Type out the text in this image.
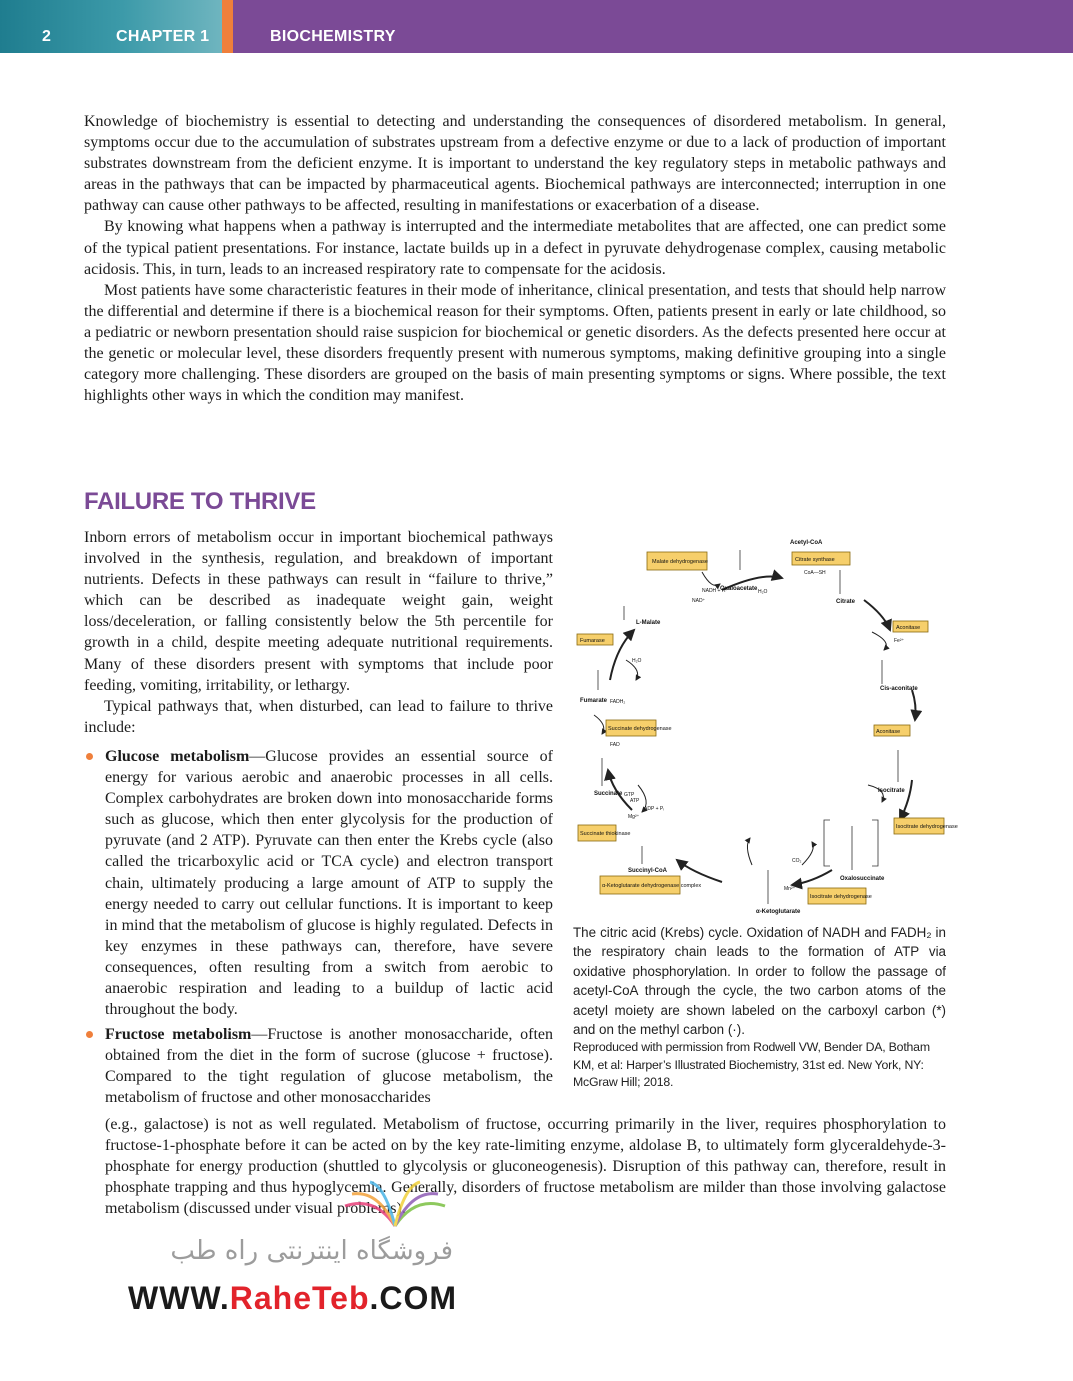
2	CHAPTER 1	BIOCHEMISTRY

Knowledge of biochemistry is essential to detecting and understanding the consequences of disordered metabolism. In general, symptoms occur due to the accumulation of substrates upstream from a defective enzyme or due to a lack of production of important substrates downstream from the deficient enzyme. It is important to understand the key regulatory steps in metabolic pathways and areas in the pathways that can be impacted by pharmaceutical agents. Biochemical pathways are interconnected; interruption in one pathway can cause other pathways to be affected, resulting in manifestations or exacerbation of a disease.

By knowing what happens when a pathway is interrupted and the intermediate metabolites that are affected, one can predict some of the typical patient presentations. For instance, lactate builds up in a defect in pyruvate dehydrogenase complex, causing metabolic acidosis. This, in turn, leads to an increased respiratory rate to compensate for the acidosis.

Most patients have some characteristic features in their mode of inheritance, clinical presentation, and tests that should help narrow the differential and determine if there is a biochemical reason for their symptoms. Often, patients present in early or late childhood, so a pediatric or newborn presentation should raise suspicion for biochemical or genetic disorders. As the defects presented here occur at the genetic or molecular level, these disorders frequently present with numerous symptoms, making definitive grouping into a single category more challenging. These disorders are grouped on the basis of main presenting symptoms or signs. Where possible, the text highlights other ways in which the condition may manifest.

FAILURE TO THRIVE

Inborn errors of metabolism occur in important biochemical pathways involved in the synthesis, regulation, and breakdown of important nutrients. Defects in these pathways can result in “failure to thrive,” which can be described as inadequate weight gain, weight loss/deceleration, or falling consistently below the 5th percentile for growth in a child, despite meeting adequate nutritional requirements. Many of these disorders present with symptoms that include poor feeding, vomiting, irritability, or lethargy.

Typical pathways that, when disturbed, can lead to failure to thrive include:

Glucose metabolism—Glucose provides an essential source of energy for various aerobic and anaerobic processes in all cells. Complex carbohydrates are broken down into monosaccharide forms such as glucose, which then enter glycolysis for the production of pyruvate (and 2 ATP). Pyruvate can then enter the Krebs cycle (also called the tricarboxylic acid or TCA cycle) and electron transport chain, ultimately producing a large amount of ATP to supply the energy needed to carry out cellular functions. It is important to keep in mind that the metabolism of glucose is highly regulated. Defects in key enzymes in these pathways can, therefore, have severe consequences, often resulting from a switch from aerobic to anaerobic respiration and leading to a buildup of lactic acid throughout the body.
Fructose metabolism—Fructose is another monosaccharide, often obtained from the diet in the form of sucrose (glucose + fructose). Compared to the tight regulation of glucose metabolism, the metabolism of fructose and other monosaccharides
Malate dehydrogenase	Citrate synthase
Fumarase
Aconitase
Succinate dehydrogenase	Aconitase
Succinate thiokinase
Isocitrate dehydrogenase
α-Ketoglutarate dehydrogenase complex
Isocitrate dehydrogenase
Acetyl-CoA
Oxaloacetate
L-Malate
Citrate
Fumarate
Cis-aconitate
Succinate	Isocitrate
Succinyl-CoA
Oxalosuccinate
α-Ketoglutarate
NADH + H⁺
NAD⁺
H₂O
CoA—SH
FADH₂
FAD
H₂O
Fe²⁺
GTP
ADP + Pᵢ
Mg²⁺
ATP
CO₂
Mn²⁺

The citric acid (Krebs) cycle. Oxidation of NADH and FADH₂ in the respiratory chain leads to the formation of ATP via oxidative phosphorylation. In order to follow the passage of acetyl-CoA through the cycle, the two carbon atoms of the acetyl moiety are shown labeled on the carboxyl carbon (*) and on the methyl carbon (·).

Reproduced with permission from Rodwell VW, Bender DA, Botham KM, et al: Harper’s Illustrated Biochemistry, 31st ed. New York, NY: McGraw Hill; 2018.

(e.g., galactose) is not as well regulated. Metabolism of fructose, occurring primarily in the liver, requires phosphorylation to fructose-1-phosphate before it can be acted on by the key rate-limiting enzyme, aldolase B, to ultimately form glyceraldehyde-3-phosphate for energy production (shuttled to glycolysis or gluconeogenesis). Disruption of this pathway can, therefore, result in phosphate trapping and thus hypoglycemia. Generally, disorders of fructose metabolism are milder than those involving galactose metabolism (discussed under visual problems).

فروشگاه اینترنتی راه طب
WWW.RaheTeb.COM
